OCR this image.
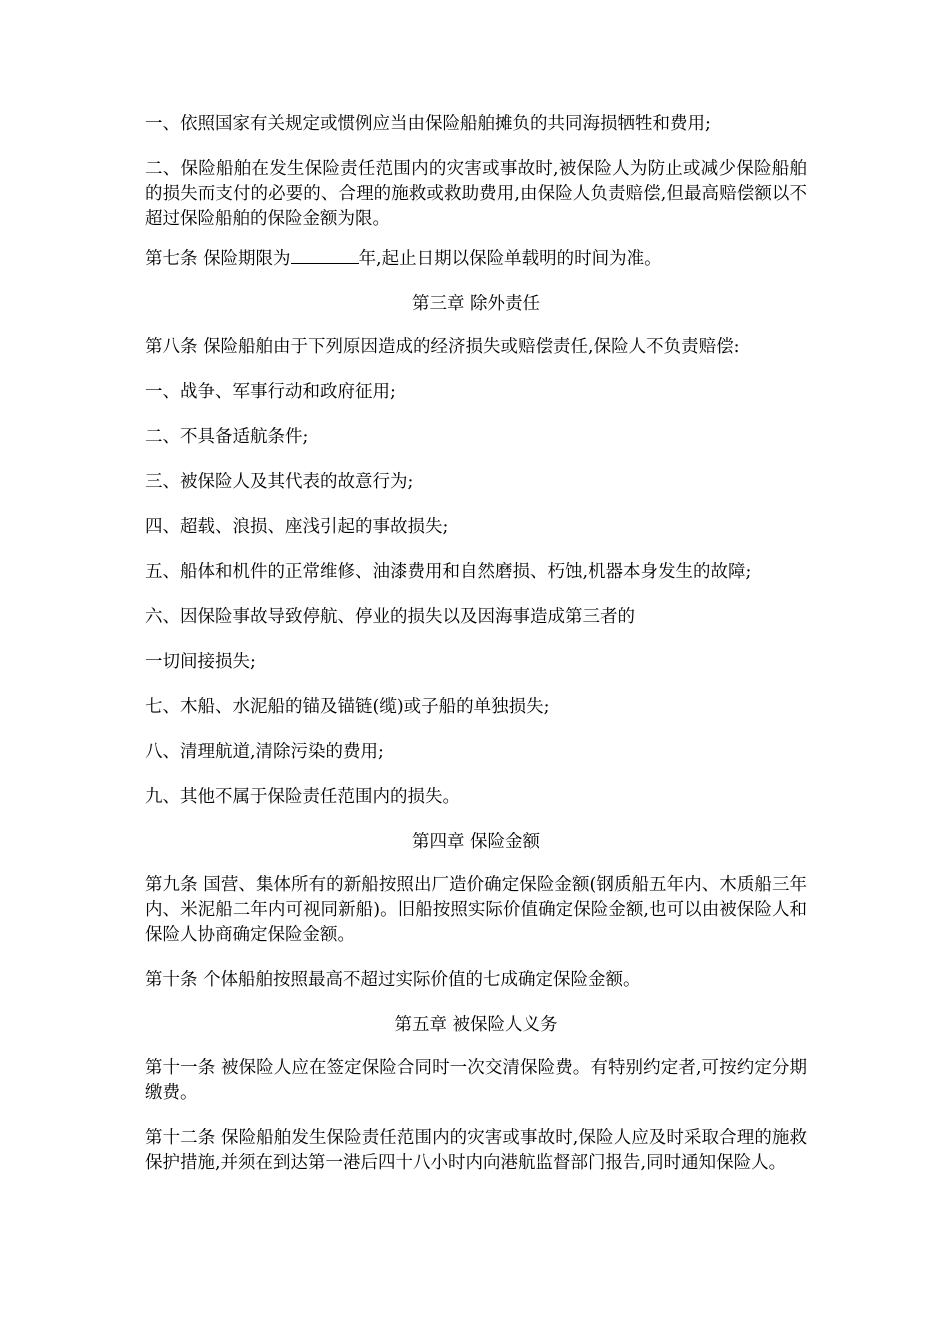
一、依照国家有关规定或惯例应当由保险船舶摊负的共同海损牺牲和费用;

二、保险船舶在发生保险责任范围内的灾害或事故时,被保险人为防止或减少保险船舶的损失而支付的必要的、合理的施救或救助费用,由保险人负责赔偿,但最高赔偿额以不超过保险船舶的保险金额为限。

第七条 保险期限为	年,起止日期以保险单载明的时间为准。

第三章 除外责任

第八条 保险船舶由于下列原因造成的经济损失或赔偿责任,保险人不负责赔偿:

一、战争、军事行动和政府征用;

二、不具备适航条件;

三、被保险人及其代表的故意行为;

四、超载、浪损、座浅引起的事故损失;

五、船体和机件的正常维修、油漆费用和自然磨损、朽蚀,机器本身发生的故障;

六、因保险事故导致停航、停业的损失以及因海事造成第三者的

一切间接损失;

七、木船、水泥船的锚及锚链(缆)或子船的单独损失;

八、清理航道,清除污染的费用;

九、其他不属于保险责任范围内的损失。

第四章 保险金额

第九条 国营、集体所有的新船按照出厂造价确定保险金额(钢质船五年内、木质船三年内、米泥船二年内可视同新船)。旧船按照实际价值确定保险金额,也可以由被保险人和保险人协商确定保险金额。

第十条 个体船舶按照最高不超过实际价值的七成确定保险金额。

第五章 被保险人义务

第十一条 被保险人应在签定保险合同时一次交清保险费。有特别约定者,可按约定分期缴费。

第十二条 保险船舶发生保险责任范围内的灾害或事故时,保险人应及时采取合理的施救保护措施,并须在到达第一港后四十八小时内向港航监督部门报告,同时通知保险人。
